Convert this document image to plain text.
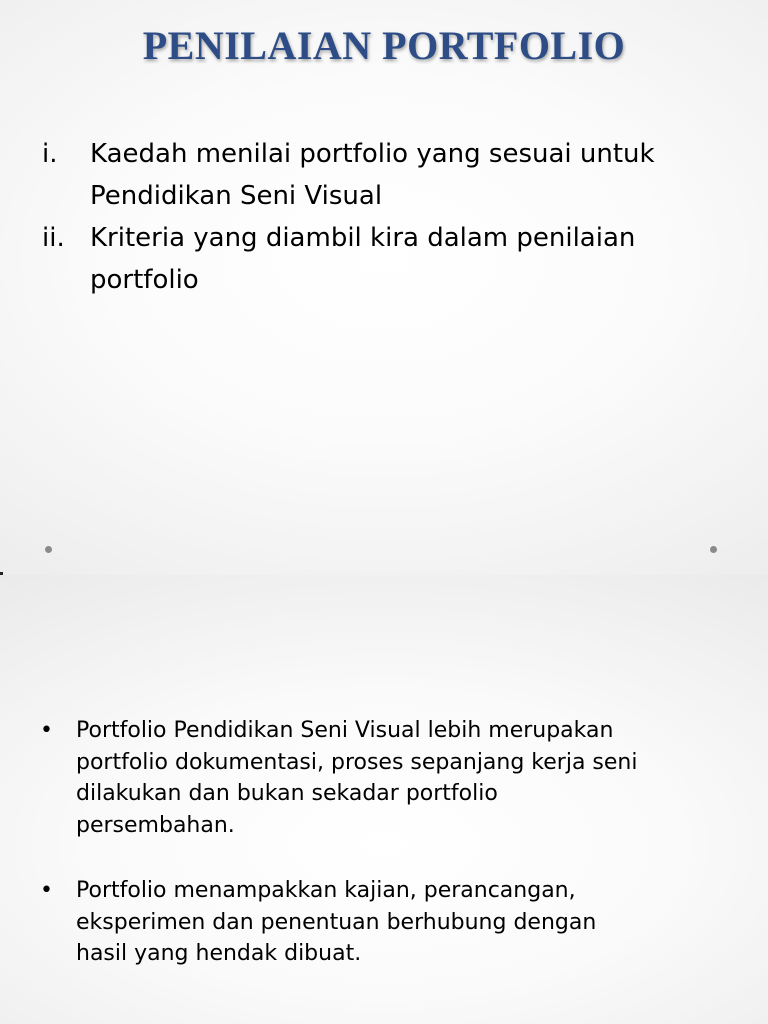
PENILAIAN PORTFOLIO
i.	Kaedah menilai portfolio yang sesuai untuk
Pendidikan Seni Visual
ii. Kriteria yang diambil kira dalam penilaian
portfolio
•	Portfolio Pendidikan Seni Visual lebih merupakan
portfolio dokumentasi, proses sepanjang kerja seni
dilakukan dan bukan sekadar portfolio
persembahan.
•	Portfolio menampakkan kajian, perancangan,
eksperimen dan penentuan berhubung dengan
hasil yang hendak dibuat.
